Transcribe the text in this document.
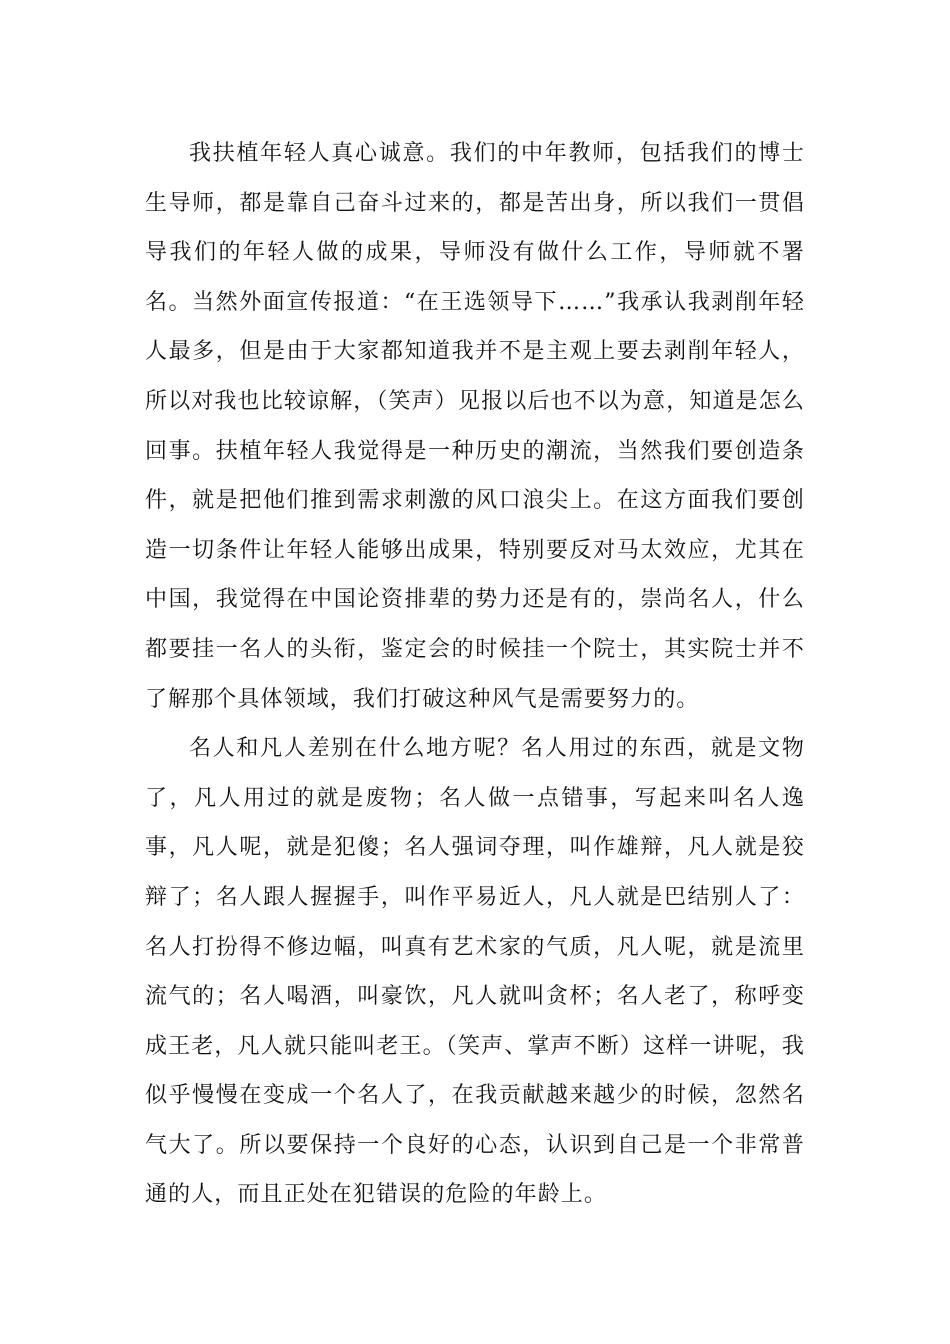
我扶植年轻人真心诚意。我们的中年教师，包括我们的博士生导师，都是靠自己奋斗过来的，都是苦出身，所以我们一贯倡导我们的年轻人做的成果，导师没有做什么工作，导师就不署名。当然外面宣传报道：“在王选领导下……”我承认我剥削年轻人最多，但是由于大家都知道我并不是主观上要去剥削年轻人，所以对我也比较谅解，（笑声）见报以后也不以为意，知道是怎么回事。扶植年轻人我觉得是一种历史的潮流，当然我们要创造条件，就是把他们推到需求刺激的风口浪尖上。在这方面我们要创造一切条件让年轻人能够出成果，特别要反对马太效应，尤其在中国，我觉得在中国论资排辈的势力还是有的，崇尚名人，什么都要挂一名人的头衔，鉴定会的时候挂一个院士，其实院士并不了解那个具体领域，我们打破这种风气是需要努力的。

名人和凡人差别在什么地方呢？名人用过的东西，就是文物了，凡人用过的就是废物；名人做一点错事，写起来叫名人逸事，凡人呢，就是犯傻；名人强词夺理，叫作雄辩，凡人就是狡辩了；名人跟人握握手，叫作平易近人，凡人就是巴结别人了：名人打扮得不修边幅，叫真有艺术家的气质，凡人呢，就是流里流气的；名人喝酒，叫豪饮，凡人就叫贪杯；名人老了，称呼变成王老，凡人就只能叫老王。（笑声、掌声不断）这样一讲呢，我似乎慢慢在变成一个名人了，在我贡献越来越少的时候，忽然名气大了。所以要保持一个良好的心态，认识到自己是一个非常普通的人，而且正处在犯错误的危险的年龄上。
